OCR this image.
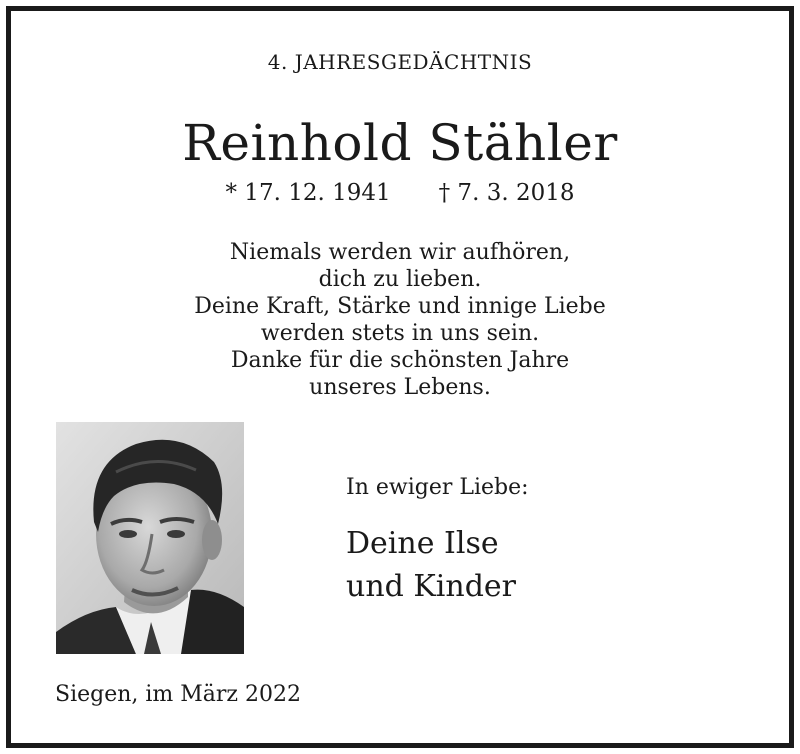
4. JAHRESGEDÄCHTNIS
Reinhold Stähler
* 17. 12. 1941 † 7. 3. 2018
Niemals werden wir aufhören,
dich zu lieben.
Deine Kraft, Stärke und innige Liebe
werden stets in uns sein.
Danke für die schönsten Jahre
unseres Lebens.
In ewiger Liebe:
Deine Ilse
und Kinder
Siegen, im März 2022
